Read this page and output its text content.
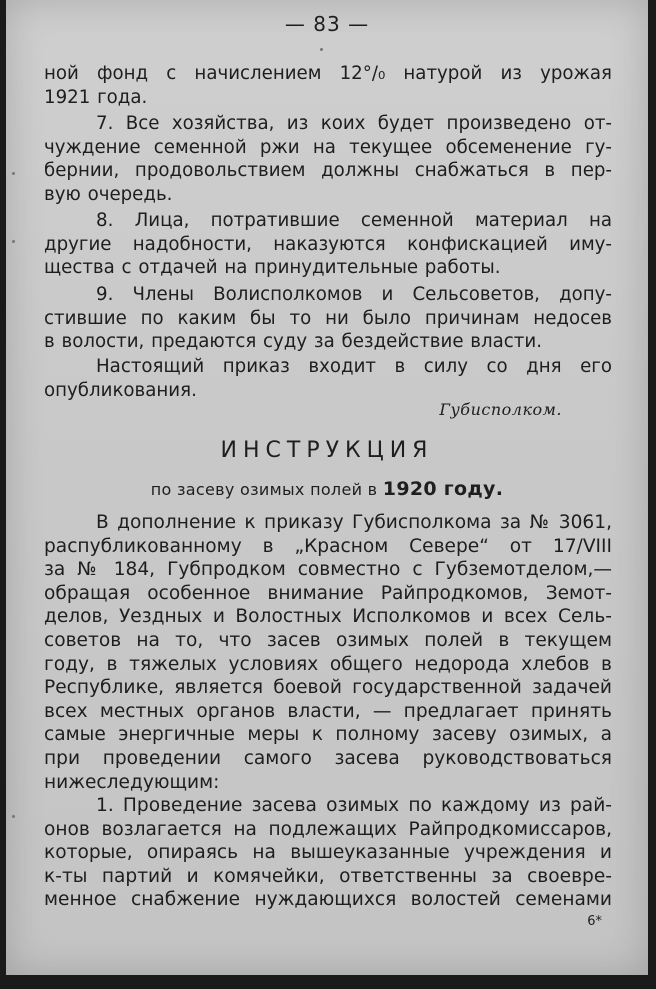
— 83 —
ной фонд с начислением 12°/₀ натурой из урожая
1921 года.
7. Все хозяйства, из коих будет произведено от-
чуждение семенной ржи на текущее обсеменение гу-
бернии, продовольствием должны снабжаться в пер-
вую очередь.
8. Лица, потратившие семенной материал на
другие надобности, наказуются конфискацией иму-
щества с отдачей на принудительные работы.
9. Члены Волисполкомов и Сельсоветов, допу-
стившие по каким бы то ни было причинам недосев
в волости, предаются суду за бездействие власти.
Настоящий приказ входит в силу со дня его
опубликования.
Губисполком.
ИНСТРУКЦИЯ
по засеву озимых полей в 1920 году.
В дополнение к приказу Губисполкома за № 3061,
распубликованному в „Красном Севере“ от 17/VIII
за № 184, Губпродком совместно с Губземотделом,—
обращая особенное внимание Райпродкомов, Земот-
делов, Уездных и Волостных Исполкомов и всех Сель-
советов на то, что засев озимых полей в текущем
году, в тяжелых условиях общего недорода хлебов в
Республике, является боевой государственной задачей
всех местных органов власти, — предлагает принять
самые энергичные меры к полному засеву озимых, а
при проведении самого засева руководствоваться
нижеследующим:
1. Проведение засева озимых по каждому из рай-
онов возлагается на подлежащих Райпродкомиссаров,
которые, опираясь на вышеуказанные учреждения и
к-ты партий и комячейки, ответственны за своевре-
менное снабжение нуждающихся волостей семенами
6*
